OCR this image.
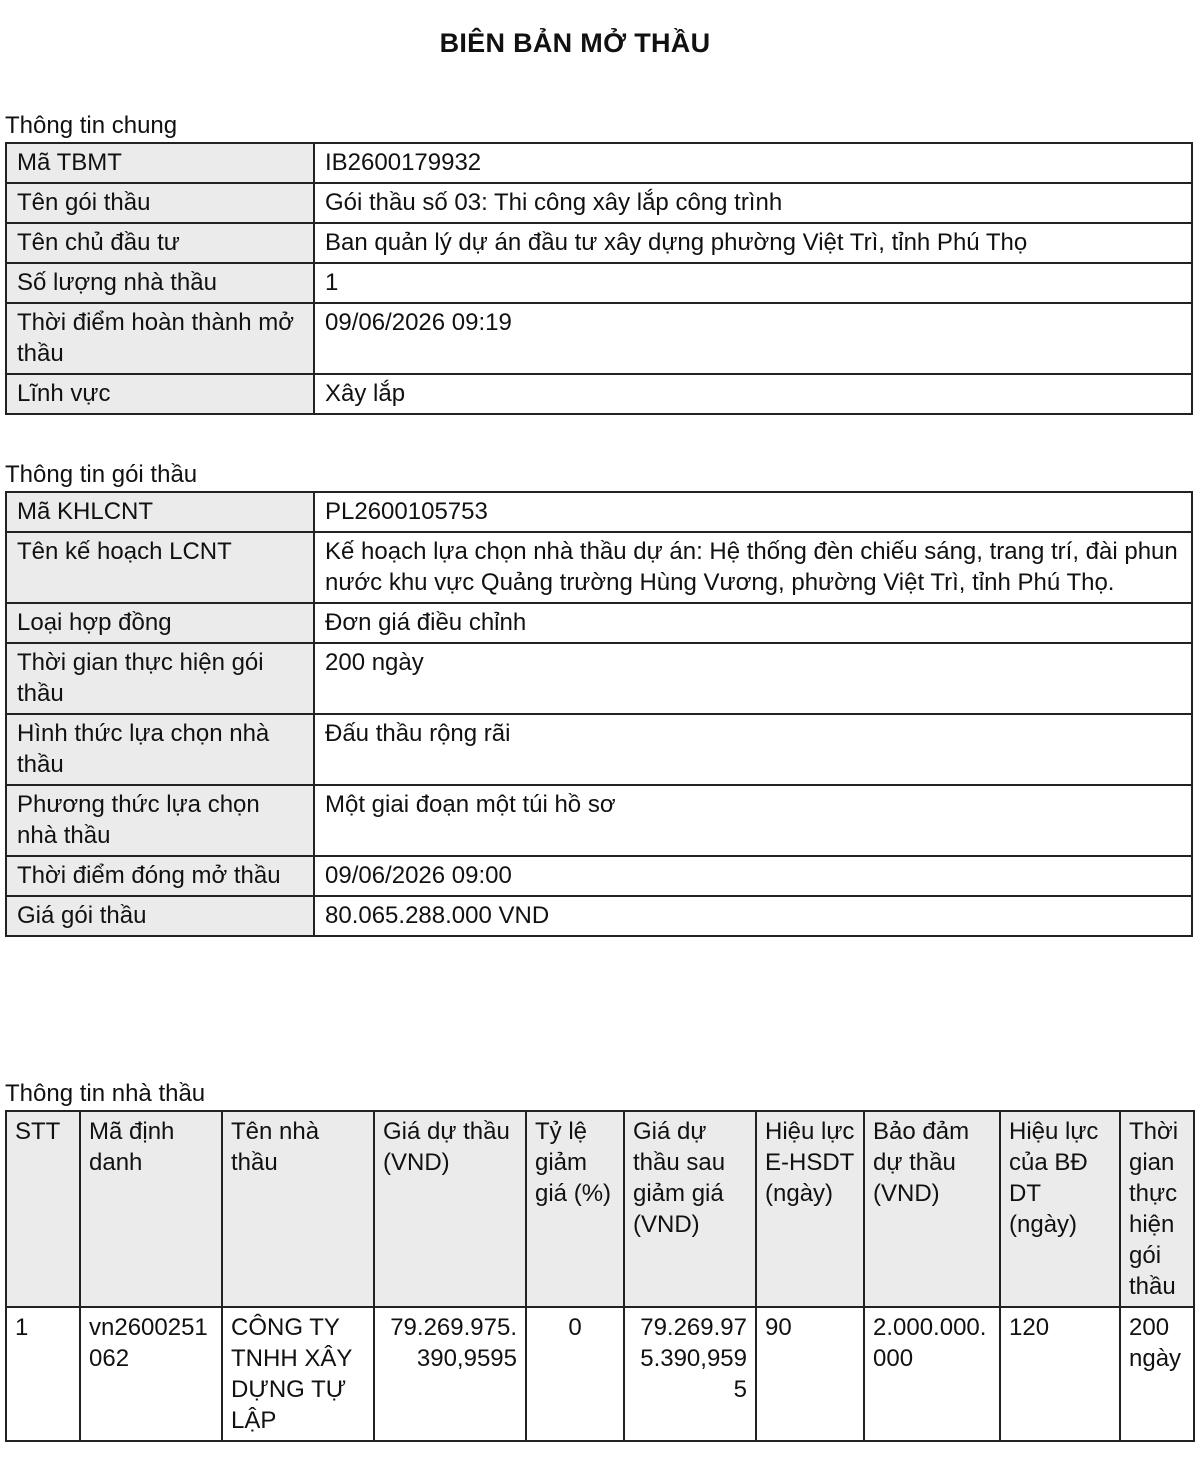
BIÊN BẢN MỞ THẦU
Thông tin chung
Mã TBMT	IB2600179932
Tên gói thầu	Gói thầu số 03: Thi công xây lắp công trình
Tên chủ đầu tư	Ban quản lý dự án đầu tư xây dựng phường Việt Trì, tỉnh Phú Thọ
Số lượng nhà thầu	1
Thời điểm hoàn thành mở thầu	09/06/2026 09:19
Lĩnh vực	Xây lắp
Thông tin gói thầu
Mã KHLCNT	PL2600105753
Tên kế hoạch LCNT	Kế hoạch lựa chọn nhà thầu dự án: Hệ thống đèn chiếu sáng, trang trí, đài phun nước khu vực Quảng trường Hùng Vương, phường Việt Trì, tỉnh Phú Thọ.
Loại hợp đồng	Đơn giá điều chỉnh
Thời gian thực hiện gói thầu	200 ngày
Hình thức lựa chọn nhà thầu	Đấu thầu rộng rãi
Phương thức lựa chọn nhà thầu	Một giai đoạn một túi hồ sơ
Thời điểm đóng mở thầu	09/06/2026 09:00
Giá gói thầu	80.065.288.000 VND
Thông tin nhà thầu
STT	Mã định danh	Tên nhà thầu	Giá dự thầu (VND)	Tỷ lệ giảm giá (%)	Giá dự thầu sau giảm giá (VND)	Hiệu lực E-HSDT (ngày)	Bảo đảm dự thầu (VND)	Hiệu lực của BĐ DT (ngày)	Thời gian thực hiện gói thầu
1	vn2600251062	CÔNG TY TNHH XÂY DỰNG TỰ LẬP	79.269.975.390,9595	0	79.269.975.390,9595	90	2.000.000.000	120	200 ngày
